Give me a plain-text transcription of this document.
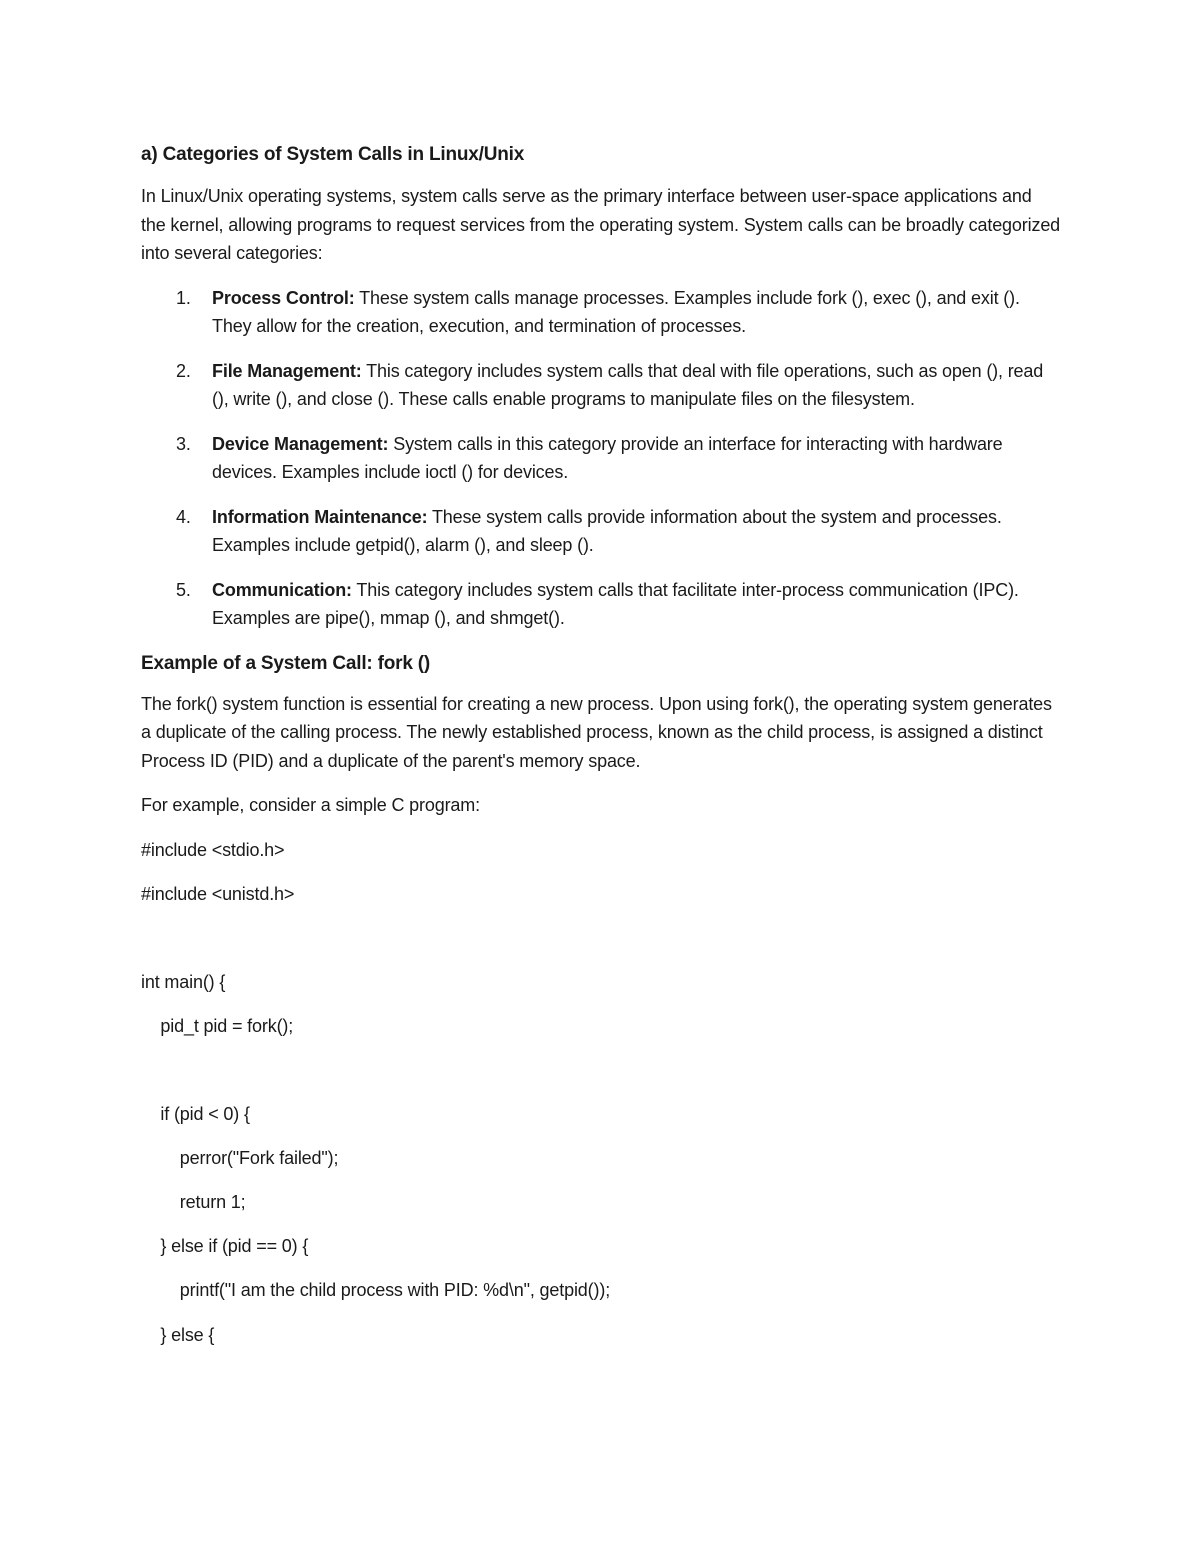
a) Categories of System Calls in Linux/Unix

In Linux/Unix operating systems, system calls serve as the primary interface between user-space applications and the kernel, allowing programs to request services from the operating system. System calls can be broadly categorized into several categories:

1. Process Control: These system calls manage processes. Examples include fork (), exec (), and exit (). They allow for the creation, execution, and termination of processes.
2. File Management: This category includes system calls that deal with file operations, such as open (), read (), write (), and close (). These calls enable programs to manipulate files on the filesystem.
3. Device Management: System calls in this category provide an interface for interacting with hardware devices. Examples include ioctl () for devices.
4. Information Maintenance: These system calls provide information about the system and processes. Examples include getpid(), alarm (), and sleep ().
5. Communication: This category includes system calls that facilitate inter-process communication (IPC). Examples are pipe(), mmap (), and shmget().
Example of a System Call: fork ()

The fork() system function is essential for creating a new process. Upon using fork(), the operating system generates a duplicate of the calling process. The newly established process, known as the child process, is assigned a distinct Process ID (PID) and a duplicate of the parent's memory space.

For example, consider a simple C program:

#include <stdio.h>
#include <unistd.h>
int main() {
pid_t pid = fork();
if (pid < 0) {
perror("Fork failed");
return 1;
} else if (pid == 0) {
printf("I am the child process with PID: %d\n", getpid());
} else {
